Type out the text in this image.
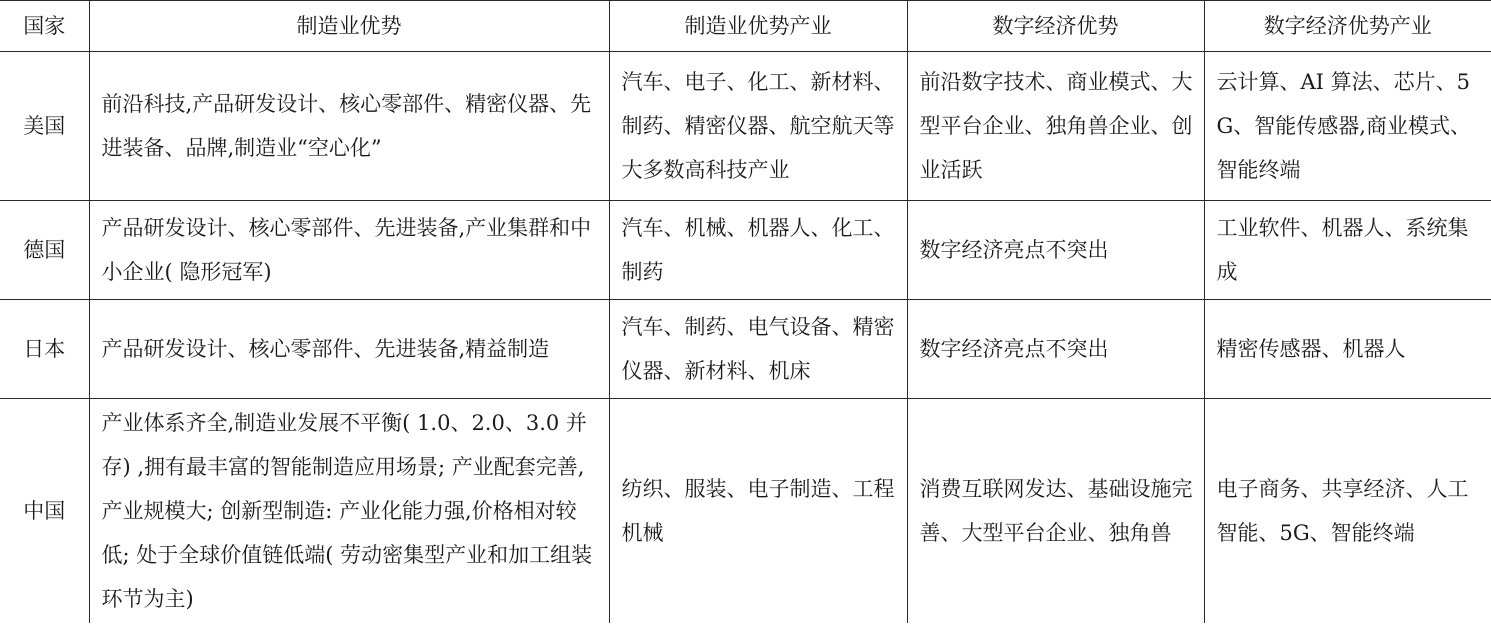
国家	制造业优势	制造业优势产业	数字经济优势	数字经济优势产业
美国	前沿科技,产品研发设计、核心零部件、精密仪器、先进装备、品牌,制造业“空心化”	汽车、电子、化工、新材料、制药、精密仪器、航空航天等大多数高科技产业	前沿数字技术、商业模式、大型平台企业、独角兽企业、创业活跃	云计算、AI 算法、芯片、5G、智能传感器,商业模式、智能终端
德国	产品研发设计、核心零部件、先进装备,产业集群和中小企业( 隐形冠军)	汽车、机械、机器人、化工、制药	数字经济亮点不突出	工业软件、机器人、系统集成
日本	产品研发设计、核心零部件、先进装备,精益制造	汽车、制药、电气设备、精密仪器、新材料、机床	数字经济亮点不突出	精密传感器、机器人
中国	产业体系齐全,制造业发展不平衡( 1.0、2.0、3.0 并存) ,拥有最丰富的智能制造应用场景; 产业配套完善,产业规模大; 创新型制造: 产业化能力强,价格相对较低; 处于全球价值链低端( 劳动密集型产业和加工组装环节为主)	纺织、服装、电子制造、工程机械	消费互联网发达、基础设施完善、大型平台企业、独角兽	电子商务、共享经济、人工智能、5G、智能终端
